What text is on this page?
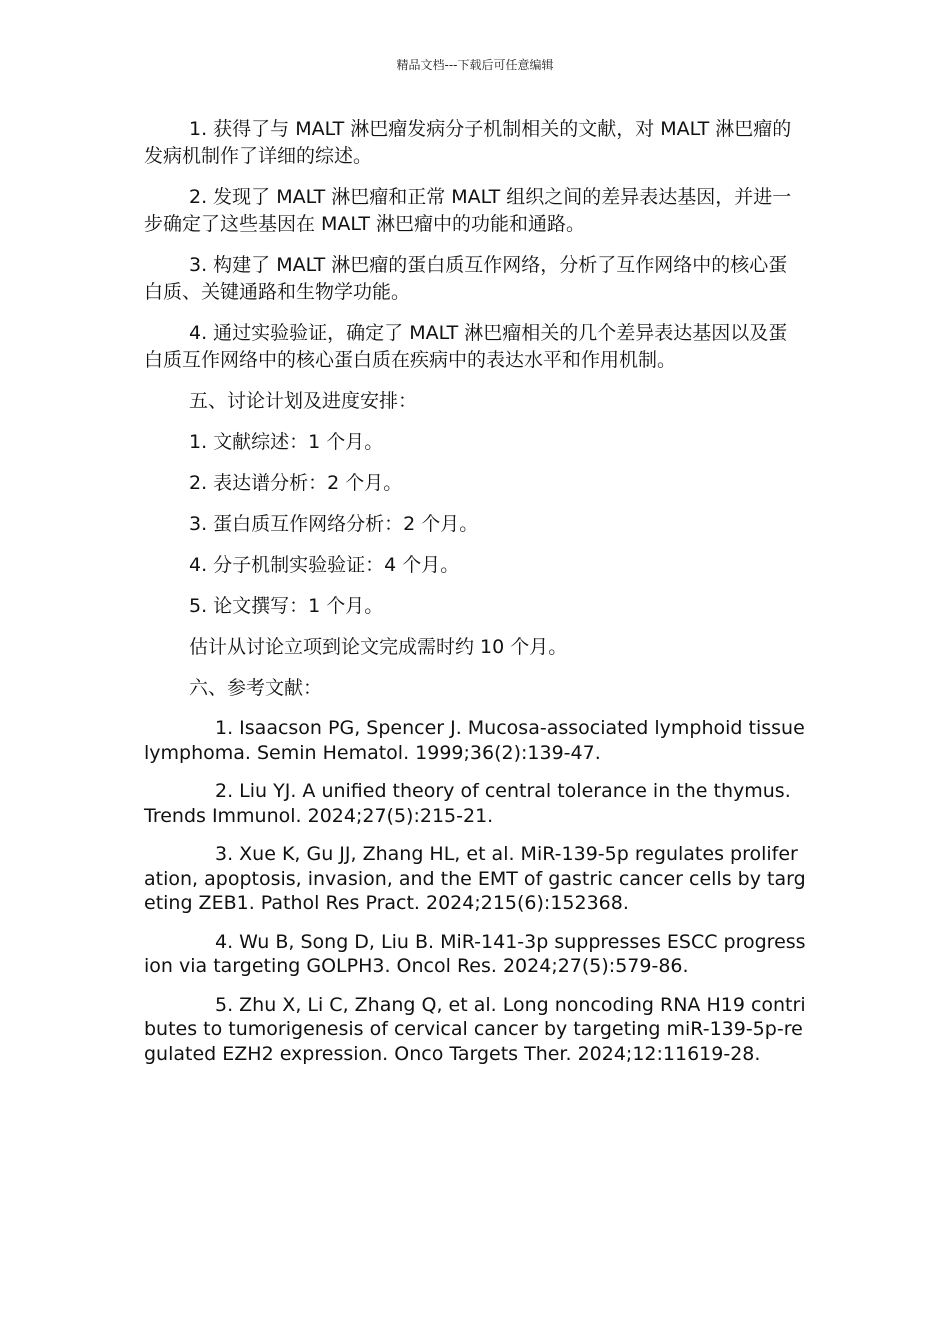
精品文档---下载后可任意编辑

1. 获得了与 MALT 淋巴瘤发病分子机制相关的文献，对 MALT 淋巴瘤的发病机制作了详细的综述。

2. 发现了 MALT 淋巴瘤和正常 MALT 组织之间的差异表达基因，并进一步确定了这些基因在 MALT 淋巴瘤中的功能和通路。

3. 构建了 MALT 淋巴瘤的蛋白质互作网络，分析了互作网络中的核心蛋白质、关键通路和生物学功能。

4. 通过实验验证，确定了 MALT 淋巴瘤相关的几个差异表达基因以及蛋白质互作网络中的核心蛋白质在疾病中的表达水平和作用机制。

五、讨论计划及进度安排：

1. 文献综述：1 个月。

2. 表达谱分析：2 个月。

3. 蛋白质互作网络分析：2 个月。

4. 分子机制实验验证：4 个月。

5. 论文撰写：1 个月。

估计从讨论立项到论文完成需时约 10 个月。

六、参考文献：

1. Isaacson PG, Spencer J. Mucosa-associated lymphoid tissue lymphoma. Semin Hematol. 1999;36(2):139-47.

2. Liu YJ. A unified theory of central tolerance in the thymus. Trends Immunol. 2024;27(5):215-21.

3. Xue K, Gu JJ, Zhang HL, et al. MiR-139-5p regulates proliferation, apoptosis, invasion, and the EMT of gastric cancer cells by targeting ZEB1. Pathol Res Pract. 2024;215(6):152368.

4. Wu B, Song D, Liu B. MiR-141-3p suppresses ESCC progression via targeting GOLPH3. Oncol Res. 2024;27(5):579-86.

5. Zhu X, Li C, Zhang Q, et al. Long noncoding RNA H19 contributes to tumorigenesis of cervical cancer by targeting miR-139-5p-regulated EZH2 expression. Onco Targets Ther. 2024;12:11619-28.
